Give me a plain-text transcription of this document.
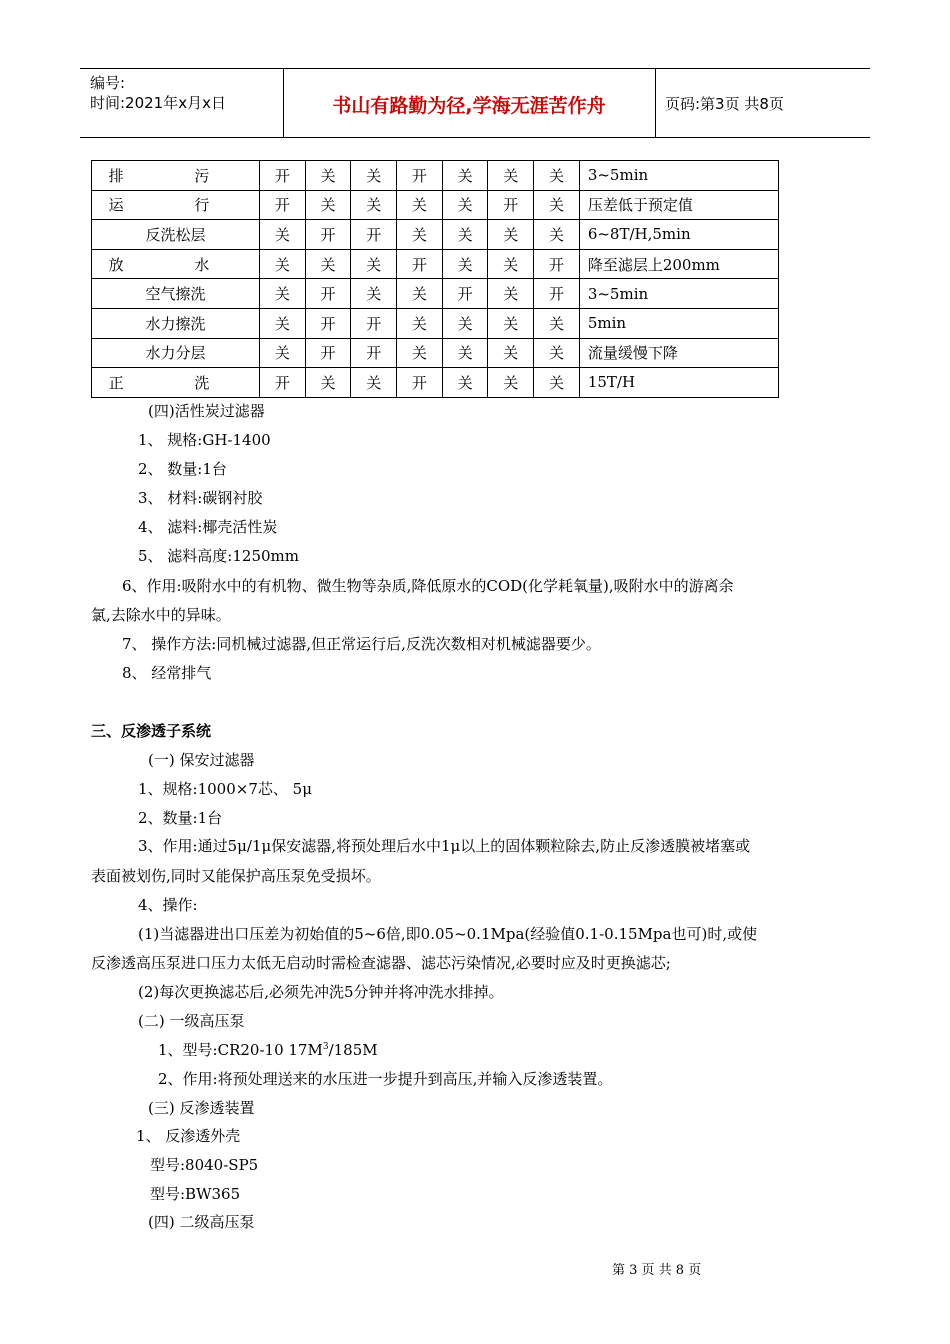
编号:
时间:2021年x月x日	书山有路勤为径,学海无涯苦作舟	页码:第3页 共8页
排 污	开	关	关	开	关	关	关	3~5min
运 行	开	关	关	关	关	开	关	压差低于预定值
反洗松层	关	开	开	关	关	关	关	6~8T/H,5min
放 水	关	关	关	开	关	关	开	降至滤层上200mm
空气擦洗	关	开	关	关	开	关	开	3~5min
水力擦洗	关	开	开	关	关	关	关	5min
水力分层	关	开	开	关	关	关	关	流量缓慢下降
正 洗	开	关	关	开	关	关	关	15T/H
(四)活性炭过滤器
1、 规格:GH-1400
2、 数量:1台
3、 材料:碳钢衬胶
4、 滤料:椰壳活性炭
5、 滤料高度:1250mm
6、作用:吸附水中的有机物、微生物等杂质,降低原水的COD(化学耗氧量),吸附水中的游离余
氯,去除水中的异味。
7、 操作方法:同机械过滤器,但正常运行后,反洗次数相对机械滤器要少。
8、 经常排气
三、反渗透子系统
(一) 保安过滤器
1、规格:1000×7芯、 5μ
2、数量:1台
3、作用:通过5μ/1μ保安滤器,将预处理后水中1μ以上的固体颗粒除去,防止反渗透膜被堵塞或
表面被划伤,同时又能保护高压泵免受损坏。
4、操作:
(1)当滤器进出口压差为初始值的5~6倍,即0.05~0.1Mpa(经验值0.1-0.15Mpa也可)时,或使
反渗透高压泵进口压力太低无启动时需检查滤器、滤芯污染情况,必要时应及时更换滤芯;
(2)每次更换滤芯后,必须先冲洗5分钟并将冲洗水排掉。
(二) 一级高压泵
1、型号:CR20-10 $17M^3/185M$
2、作用:将预处理送来的水压进一步提升到高压,并输入反渗透装置。
(三) 反渗透装置
1、 反渗透外壳
型号:8040-SP5
型号:BW365
(四) 二级高压泵
第 3 页 共 8 页
